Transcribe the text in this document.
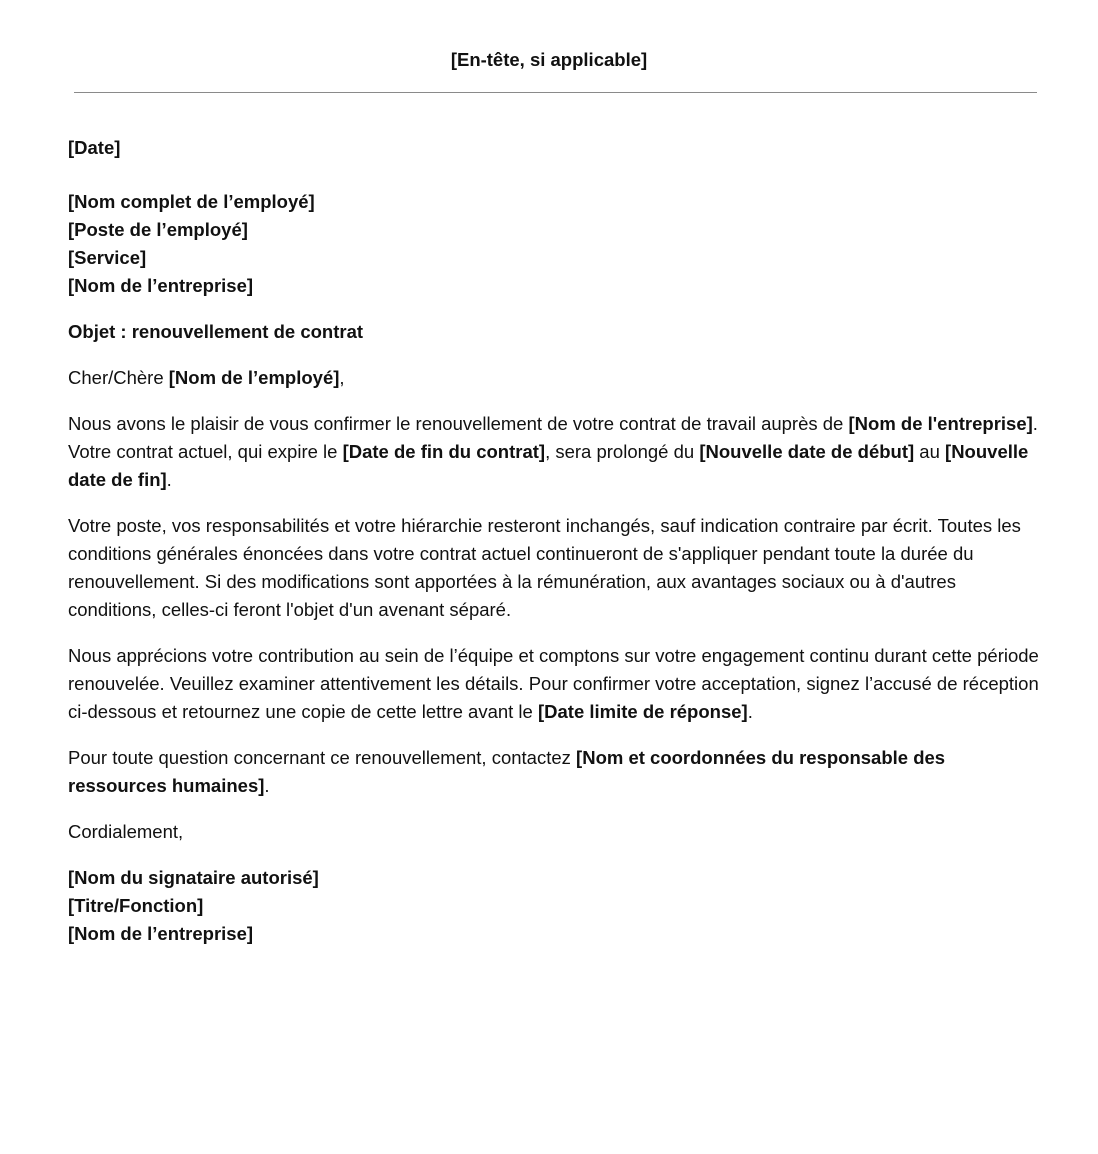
[En-tête, si applicable]

[Date]

[Nom complet de l’employé]

[Poste de l’employé]

[Service]

[Nom de l’entreprise]

Objet : renouvellement de contrat

Cher/Chère [Nom de l’employé],

Nous avons le plaisir de vous confirmer le renouvellement de votre contrat de travail auprès de [Nom de l'entreprise]. Votre contrat actuel, qui expire le [Date de fin du contrat], sera prolongé du [Nouvelle date de début] au [Nouvelle date de fin].

Votre poste, vos responsabilités et votre hiérarchie resteront inchangés, sauf indication contraire par écrit. Toutes les conditions générales énoncées dans votre contrat actuel continueront de s'appliquer pendant toute la durée du renouvellement. Si des modifications sont apportées à la rémunération, aux avantages sociaux ou à d'autres conditions, celles-ci feront l'objet d'un avenant séparé.

Nous apprécions votre contribution au sein de l’équipe et comptons sur votre engagement continu durant cette période renouvelée. Veuillez examiner attentivement les détails. Pour confirmer votre acceptation, signez l’accusé de réception ci-dessous et retournez une copie de cette lettre avant le [Date limite de réponse].

Pour toute question concernant ce renouvellement, contactez [Nom et coordonnées du responsable des ressources humaines].

Cordialement,

[Nom du signataire autorisé]

[Titre/Fonction]

[Nom de l’entreprise]
